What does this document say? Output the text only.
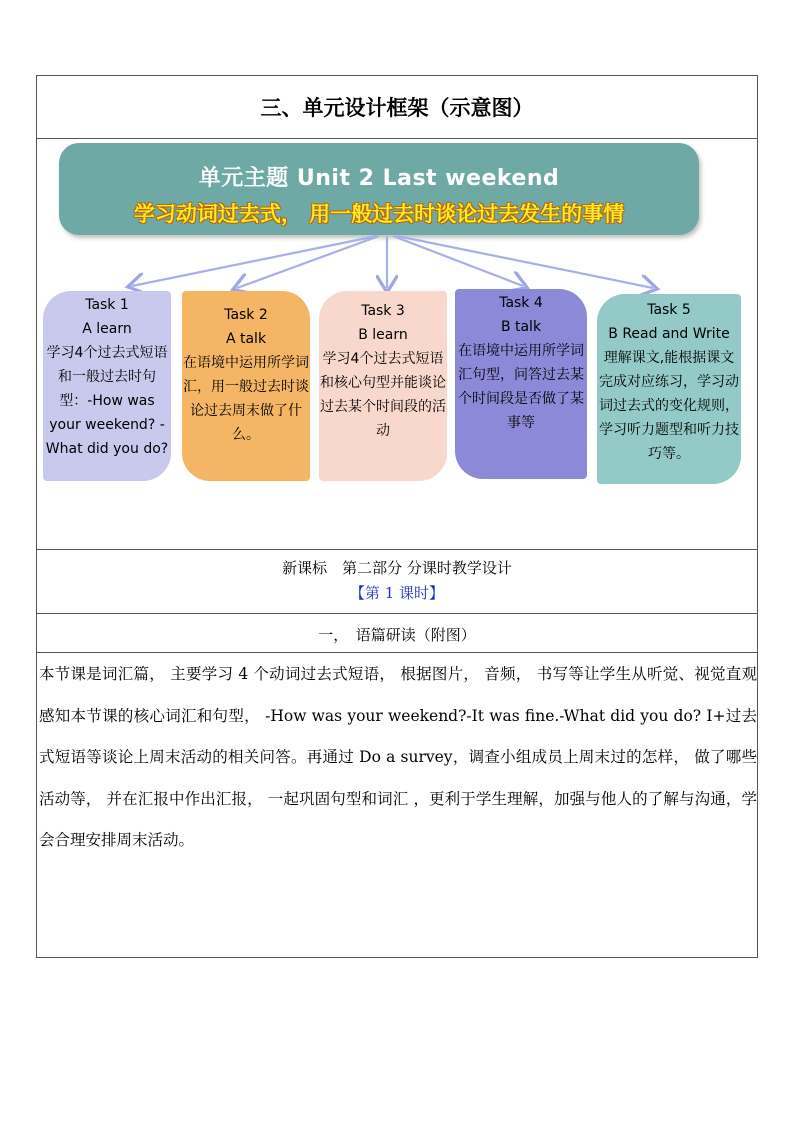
三、单元设计框架（示意图）
单元主题 Unit 2 Last weekend
学习动词过去式， 用一般过去时谈论过去发生的事情
Task 1
A learn
学习4个过去式短语和一般过去时句型：-How was your weekend? -What did you do?
Task 2
A talk
在语境中运用所学词汇，用一般过去时谈论过去周末做了什么。
Task 3
B learn
学习4个过去式短语和核心句型并能谈论过去某个时间段的活动
Task 4
B talk
在语境中运用所学词汇句型，问答过去某个时间段是否做了某事等
Task 5
B Read and Write
理解课文,能根据课文完成对应练习，学习动词过去式的变化规则，学习听力题型和听力技巧等。
新课标　第二部分 分课时教学设计
【第 1 课时】
一，　语篇研读（附图）
本节课是词汇篇， 主要学习 4 个动词过去式短语， 根据图片， 音频， 书写等让学生从听觉、视觉直观感知本节课的核心词汇和句型， -How was your weekend?-It was fine.-What did you do? I+过去式短语等谈论上周末活动的相关问答。再通过 Do a survey，调查小组成员上周末过的怎样， 做了哪些活动等， 并在汇报中作出汇报， 一起巩固句型和词汇 ，更利于学生理解，加强与他人的了解与沟通，学会合理安排周末活动。
